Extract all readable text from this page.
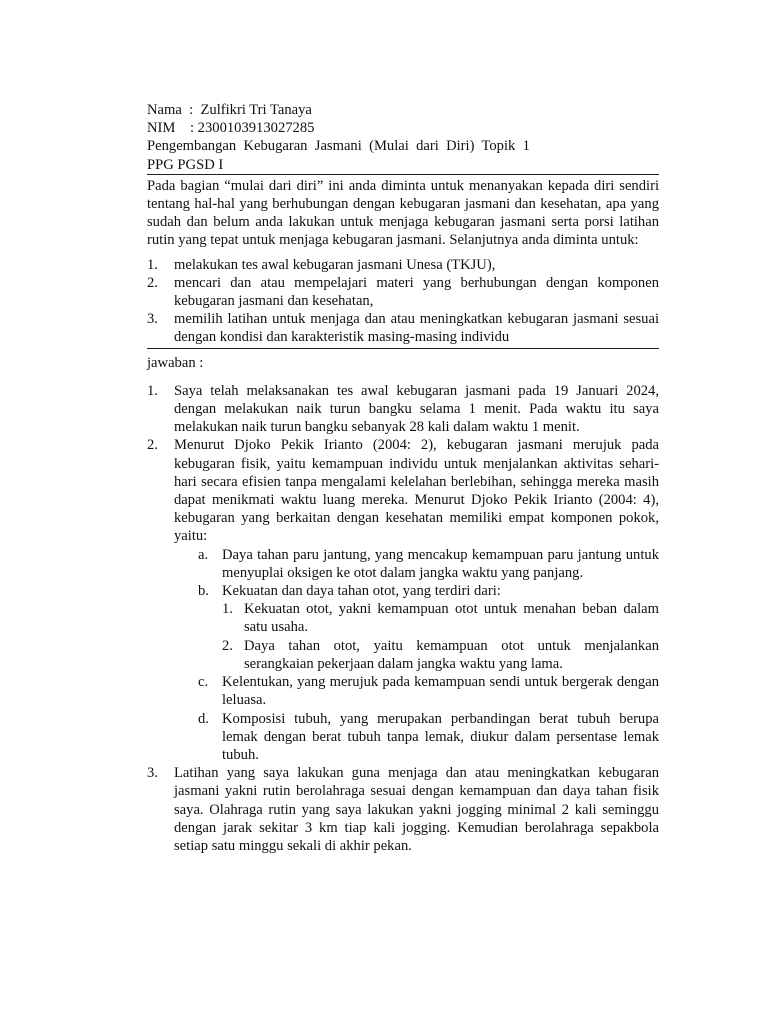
Nama  :  Zulfikri Tri Tanaya

NIM    : 2300103913027285

Pengembangan  Kebugaran  Jasmani  (Mulai  dari  Diri)  Topik  1

PPG PGSD I

Pada bagian “mulai dari diri” ini anda diminta untuk menanyakan kepada diri sendiri tentang hal-hal yang berhubungan dengan kebugaran jasmani dan kesehatan, apa yang sudah dan belum anda lakukan untuk menjaga kebugaran jasmani serta porsi latihan rutin yang tepat untuk menjaga kebugaran jasmani. Selanjutnya anda diminta untuk:

1. melakukan tes awal kebugaran jasmani Unesa (TKJU),
2. mencari dan atau mempelajari materi yang berhubungan dengan komponen kebugaran jasmani dan kesehatan,
3. memilih latihan untuk menjaga dan atau meningkatkan kebugaran jasmani sesuai dengan kondisi dan karakteristik masing-masing individu

jawaban :

1. Saya telah melaksanakan tes awal kebugaran jasmani pada 19 Januari 2024, dengan melakukan naik turun bangku selama 1 menit. Pada waktu itu saya melakukan naik turun bangku sebanyak 28 kali dalam waktu 1 menit.
2. Menurut Djoko Pekik Irianto (2004: 2), kebugaran jasmani merujuk pada kebugaran fisik, yaitu kemampuan individu untuk menjalankan aktivitas sehari-hari secara efisien tanpa mengalami kelelahan berlebihan, sehingga mereka masih dapat menikmati waktu luang mereka. Menurut Djoko Pekik Irianto (2004: 4), kebugaran yang berkaitan dengan kesehatan memiliki empat komponen pokok, yaitu:
a. Daya tahan paru jantung, yang mencakup kemampuan paru jantung untuk menyuplai oksigen ke otot dalam jangka waktu yang panjang.
b. Kekuatan dan daya tahan otot, yang terdiri dari:
1. Kekuatan otot, yakni kemampuan otot untuk menahan beban dalam satu usaha.
2. Daya tahan otot, yaitu kemampuan otot untuk menjalankan serangkaian pekerjaan dalam jangka waktu yang lama.
c. Kelentukan, yang merujuk pada kemampuan sendi untuk bergerak dengan leluasa.
d. Komposisi tubuh, yang merupakan perbandingan berat tubuh berupa lemak dengan berat tubuh tanpa lemak, diukur dalam persentase lemak tubuh.
3. Latihan yang saya lakukan guna menjaga dan atau meningkatkan kebugaran jasmani yakni rutin berolahraga sesuai dengan kemampuan dan daya tahan fisik saya. Olahraga rutin yang saya lakukan yakni jogging minimal 2 kali seminggu dengan jarak sekitar 3 km tiap kali jogging. Kemudian berolahraga sepakbola setiap satu minggu sekali di akhir pekan.
